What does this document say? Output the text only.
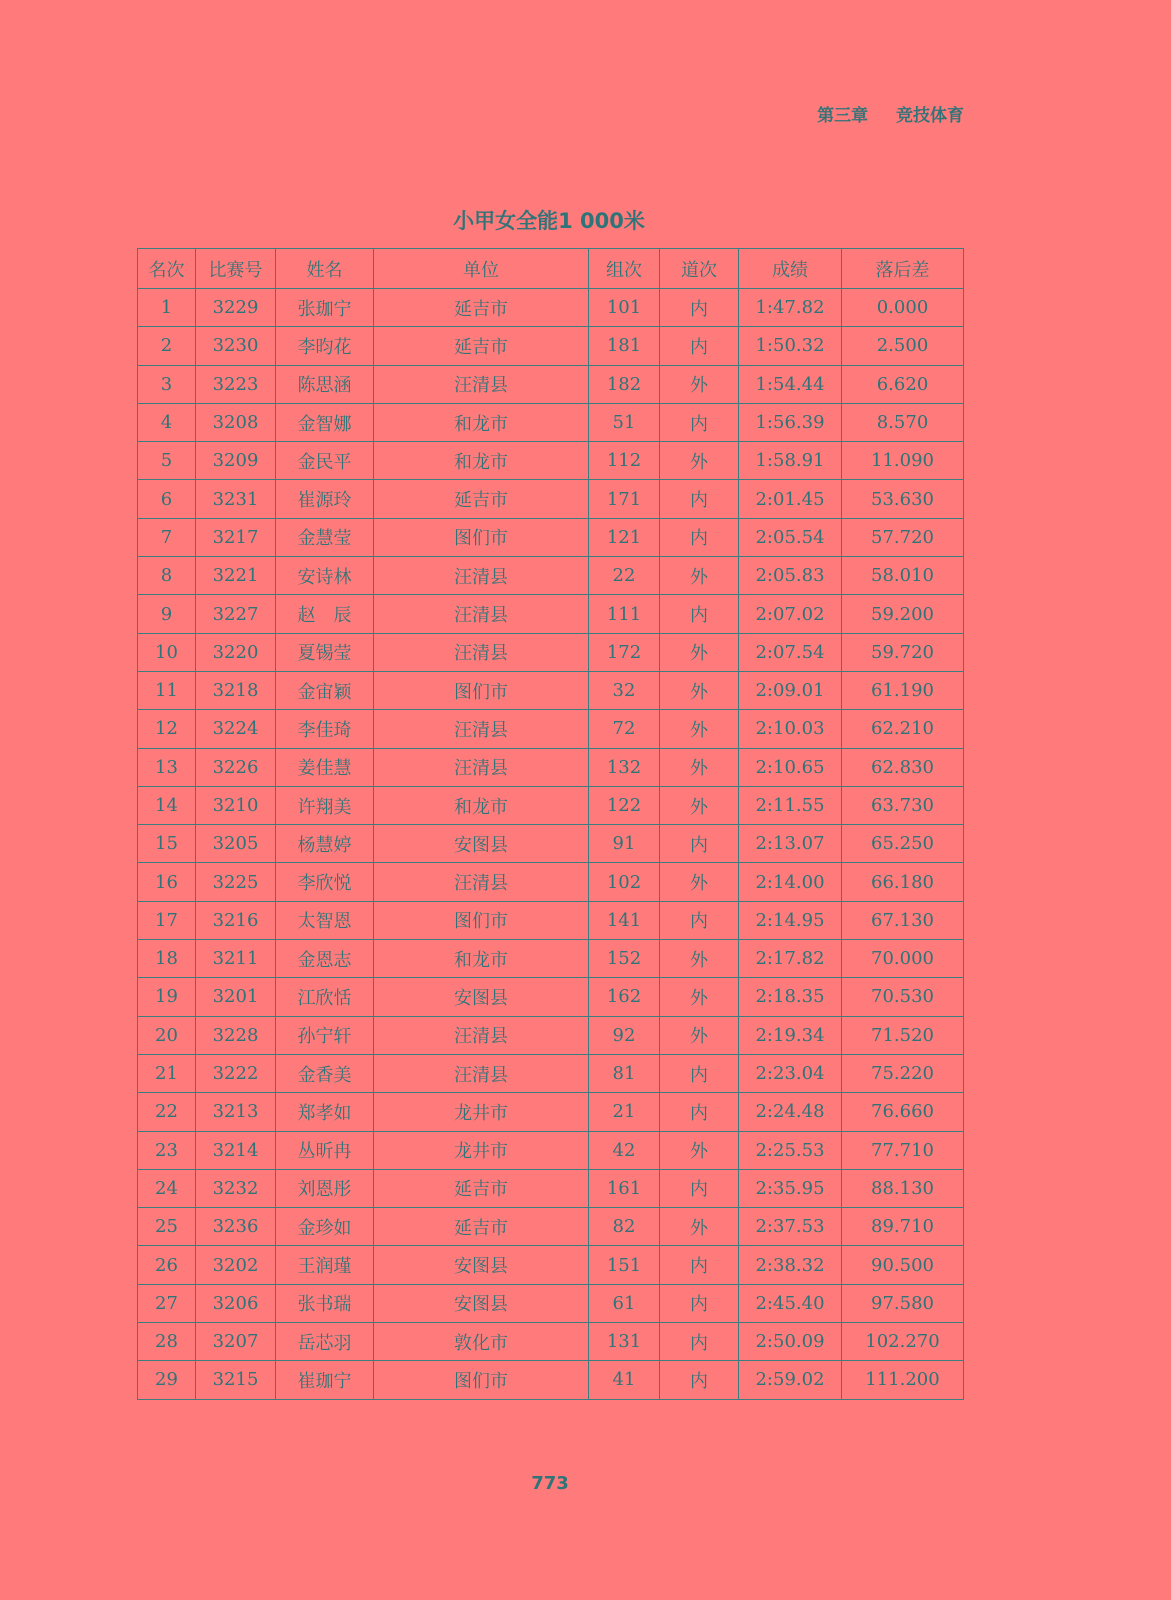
第三章 竞技体育
小甲女全能1 000米
名次	比赛号	姓名	单位	组次	道次	成绩	落后差
1	3229	张珈宁	延吉市	101	内	1:47.82	0.000
2	3230	李昀花	延吉市	181	内	1:50.32	2.500
3	3223	陈思涵	汪清县	182	外	1:54.44	6.620
4	3208	金智娜	和龙市	51	内	1:56.39	8.570
5	3209	金民平	和龙市	112	外	1:58.91	11.090
6	3231	崔源玲	延吉市	171	内	2:01.45	53.630
7	3217	金慧莹	图们市	121	内	2:05.54	57.720
8	3221	安诗林	汪清县	22	外	2:05.83	58.010
9	3227	赵　辰	汪清县	111	内	2:07.02	59.200
10	3220	夏锡莹	汪清县	172	外	2:07.54	59.720
11	3218	金宙颖	图们市	32	外	2:09.01	61.190
12	3224	李佳琦	汪清县	72	外	2:10.03	62.210
13	3226	姜佳慧	汪清县	132	外	2:10.65	62.830
14	3210	许翔美	和龙市	122	外	2:11.55	63.730
15	3205	杨慧婷	安图县	91	内	2:13.07	65.250
16	3225	李欣悦	汪清县	102	外	2:14.00	66.180
17	3216	太智恩	图们市	141	内	2:14.95	67.130
18	3211	金恩志	和龙市	152	外	2:17.82	70.000
19	3201	江欣恬	安图县	162	外	2:18.35	70.530
20	3228	孙宁轩	汪清县	92	外	2:19.34	71.520
21	3222	金香美	汪清县	81	内	2:23.04	75.220
22	3213	郑孝如	龙井市	21	内	2:24.48	76.660
23	3214	丛昕冉	龙井市	42	外	2:25.53	77.710
24	3232	刘恩彤	延吉市	161	内	2:35.95	88.130
25	3236	金珍如	延吉市	82	外	2:37.53	89.710
26	3202	王润瑾	安图县	151	内	2:38.32	90.500
27	3206	张书瑞	安图县	61	内	2:45.40	97.580
28	3207	岳芯羽	敦化市	131	内	2:50.09	102.270
29	3215	崔珈宁	图们市	41	内	2:59.02	111.200
773
